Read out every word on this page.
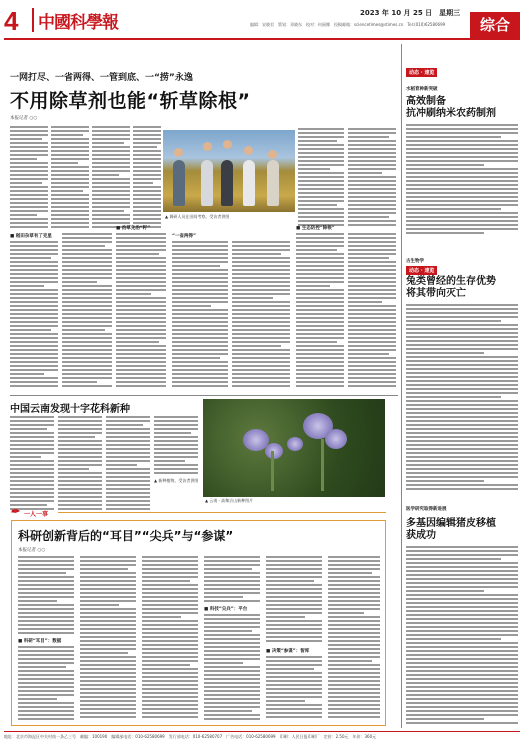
4 中國科學報	2023 年 10 月 25 日　星期三
编辑：宋晓君　策划：邓晓东　校对：何丽娜　投稿邮箱：sciencetimes@stimes.cn　Tel:(010)62580699	综合
一网打尽、一省两得、一管到底、一“捞”永逸
不用除草剂也能“斩草除根”
本报记者 ○○
▲ 调研人员在田间考察。受访者供图
■ 稻田杂草有了克星
■ 治草先治“籽”
“一省两得”
■ 生态防控“除根”
中国云南发现十字花科新种
▲ 新种植物。受访者供图
▲ 云南 · 高黎贡山新种图片
✒ 一人一事
科研创新背后的“耳目”“尖兵”与“参谋”
本报记者 ○○
■ 科研“耳目”：数据
■ 科技“尖兵”：平台
■ 决策“参谋”：智库
动态 · 速览
水稻育种新突破
高效制备
抗冲刷纳米农药制剂
动态 · 速览
古生物学
兔类曾经的生存优势
将其带向灭亡
医学研究取得新进展
多基因编辑猪皮移植
获成功
地址：北京市海淀区中关村南一条乙三号　邮编：100190　编辑部电话：010-62580699　发行部电话：010-62580707　广告电话：010-62580699　印刷：人民日报印刷厂　定价：2.50元　年价：360元
